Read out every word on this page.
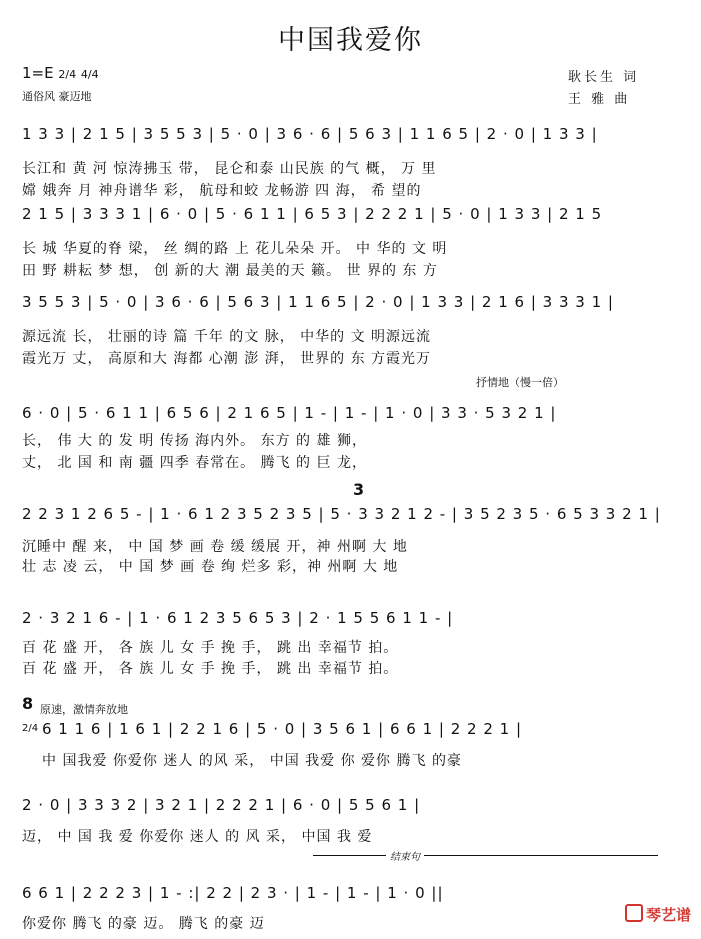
中国我爱你
1=E 2/4 4/4
通俗风 豪迈地
耿长生 词
王 雅 曲
1 3 3 | 2 1 5 | 3 5 5 3 | 5 · 0 | 3 6 · 6 | 5 6 3 | 1 1 6 5 | 2 · 0 | 1 3 3 |
长江和 黄 河 惊涛拂玉 带， 昆仑和泰 山民族 的气 概， 万 里
嫦 娥奔 月 神舟谱华 彩， 航母和蛟 龙畅游 四 海， 希 望的
2 1 5 | 3 3 3 1 | 6 · 0 | 5 · 6 1 1 | 6 5 3 | 2 2 2 1 | 5 · 0 | 1 3 3 | 2 1 5
长 城 华夏的脊 梁， 丝 绸的路 上 花儿朵朵 开。 中 华的 文 明
田 野 耕耘 梦 想， 创 新的大 潮 最美的天 籁。 世 界的 东 方
3 5 5 3 | 5 · 0 | 3 6 · 6 | 5 6 3 | 1 1 6 5 | 2 · 0 | 1 3 3 | 2 1 6 | 3 3 3 1 |
源远流 长， 壮丽的诗 篇 千年 的文 脉， 中华的 文 明源远流
霞光万 丈， 高原和大 海都 心潮 澎 湃， 世界的 东 方霞光万
抒情地（慢一倍）
6 · 0 | 5 · 6 1 1 | 6 5 6 | 2 1 6 5 | 1 - | 1 - | 1 · 0 | 3 3 · 5 3 2 1 |
长， 伟 大 的 发 明 传扬 海内外。 东方 的 雄 狮，
丈， 北 国 和 南 疆 四季 春常在。 腾飞 的 巨 龙，
3
2 2 3 1 2 6 5 - | 1 · 6 1 2 3 5 2 3 5 | 5 · 3 3 2 1 2 - | 3 5 2 3 5 · 6 5 3 3 2 1 |
沉睡中 醒 来， 中 国 梦 画 卷 缓 缓展 开，神 州啊 大 地
壮 志 凌 云， 中 国 梦 画 卷 绚 烂多 彩，神 州啊 大 地
2 · 3 2 1 6 - | 1 · 6 1 2 3 5 6 5 3 | 2 · 1 5 5 6 1 1 - |
百 花 盛 开， 各 族 儿 女 手 挽 手， 跳 出 幸福节 拍。
百 花 盛 开， 各 族 儿 女 手 挽 手， 跳 出 幸福节 拍。
8 原速，激情奔放地
2/4 6 1 1 6 | 1 6 1 | 2 2 1 6 | 5 · 0 | 3 5 6 1 | 6 6 1 | 2 2 2 1 |
中 国我爱 你爱你 迷人 的风 采， 中国 我爱 你 爱你 腾飞 的豪
2 · 0 | 3 3 3 2 | 3 2 1 | 2 2 2 1 | 6 · 0 | 5 5 6 1 |
迈， 中 国 我 爱 你爱你 迷人 的 风 采， 中国 我 爱
结束句
6 6 1 | 2 2 2 3 | 1 - :| 2 2 | 2 3 · | 1 - | 1 - | 1 · 0 ||
你爱你 腾飞 的豪 迈。 腾飞 的豪 迈	琴艺谱
